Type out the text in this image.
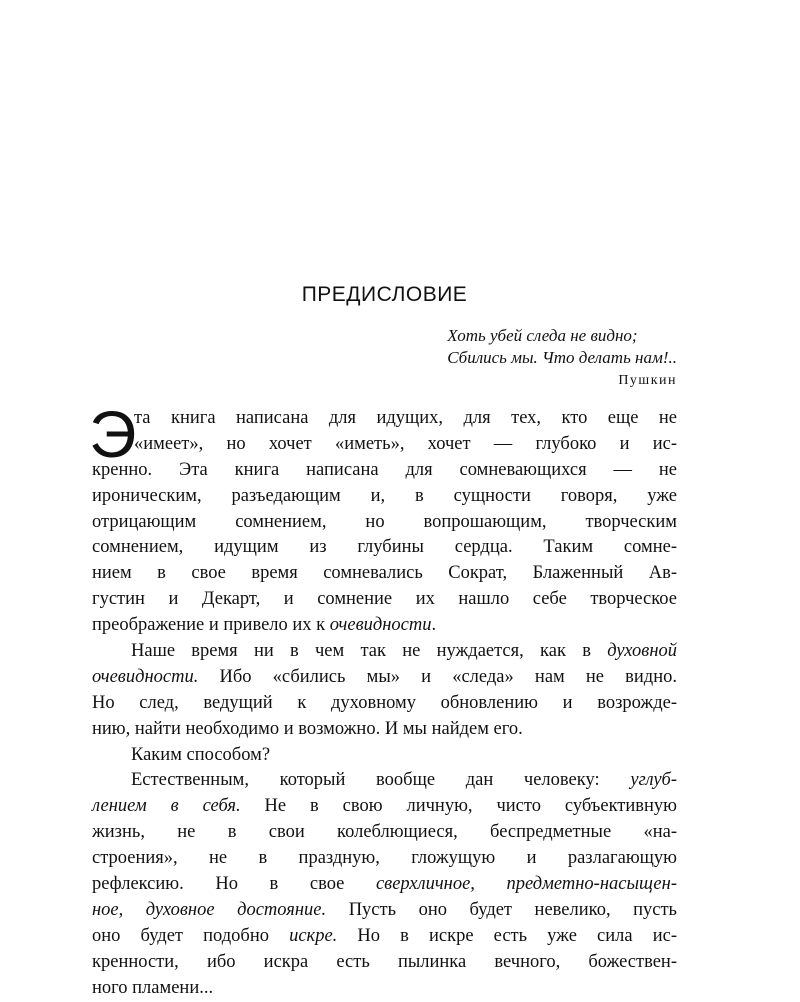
ПРЕДИСЛОВИЕ
Хоть убей следа не видно;
Сбились мы. Что делать нам!..
Пушкин
Э
та книга написана для идущих, для тех, кто еще не
«имеет», но хочет «иметь», хочет — глубоко и ис-
кренно. Эта книга написана для сомневающихся — не
ироническим, разъедающим и, в сущности говоря, уже
отрицающим сомнением, но вопрошающим, творческим
сомнением, идущим из глубины сердца. Таким сомне-
нием в свое время сомневались Сократ, Блаженный Ав-
густин и Декарт, и сомнение их нашло себе творческое
преображение и привело их к очевидности.
Наше время ни в чем так не нуждается, как в духовной
очевидности. Ибо «сбились мы» и «следа» нам не видно.
Но след, ведущий к духовному обновлению и возрожде-
нию, найти необходимо и возможно. И мы найдем его.
Каким способом?
Естественным, который вообще дан человеку: углуб-
лением в себя. Не в свою личную, чисто субъективную
жизнь, не в свои колеблющиеся, беспредметные «на-
строения», не в праздную, гложущую и разлагающую
рефлексию. Но в свое сверхличное, предметно-насыщен-
ное, духовное достояние. Пусть оно будет невелико, пусть
оно будет подобно искре. Но в искре есть уже сила ис-
кренности, ибо искра есть пылинка вечного, божествен-
ного пламени...
